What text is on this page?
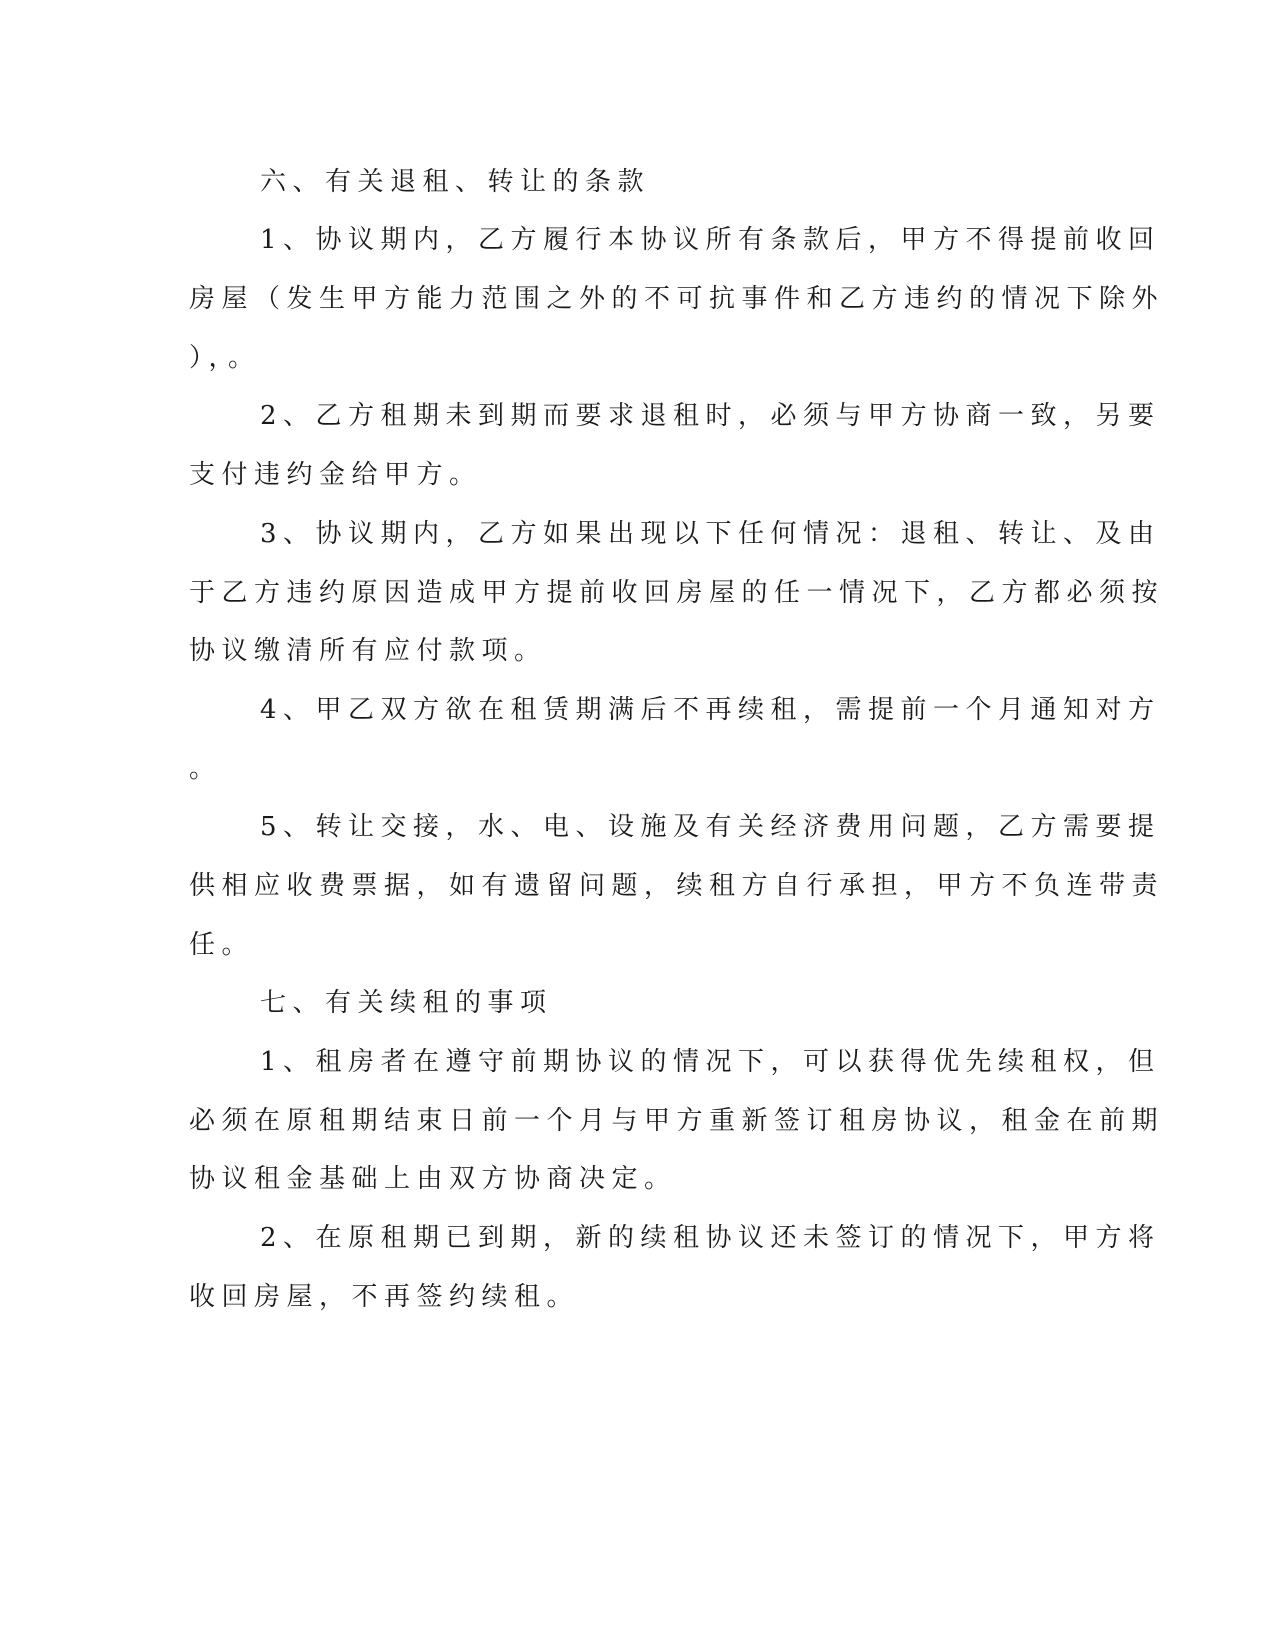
六、有关退租、转让的条款
1、协议期内，乙方履行本协议所有条款后，甲方不得提前收回
房屋（发生甲方能力范围之外的不可抗事件和乙方违约的情况下除外
），。
2、乙方租期未到期而要求退租时，必须与甲方协商一致，另要
支付违约金给甲方。
3、协议期内，乙方如果出现以下任何情况：退租、转让、及由
于乙方违约原因造成甲方提前收回房屋的任一情况下，乙方都必须按
协议缴清所有应付款项。
4、甲乙双方欲在租赁期满后不再续租，需提前一个月通知对方
。
5、转让交接，水、电、设施及有关经济费用问题，乙方需要提
供相应收费票据，如有遗留问题，续租方自行承担，甲方不负连带责
任。
七、有关续租的事项
1、租房者在遵守前期协议的情况下，可以获得优先续租权，但
必须在原租期结束日前一个月与甲方重新签订租房协议，租金在前期
协议租金基础上由双方协商决定。
2、在原租期已到期，新的续租协议还未签订的情况下，甲方将
收回房屋，不再签约续租。
